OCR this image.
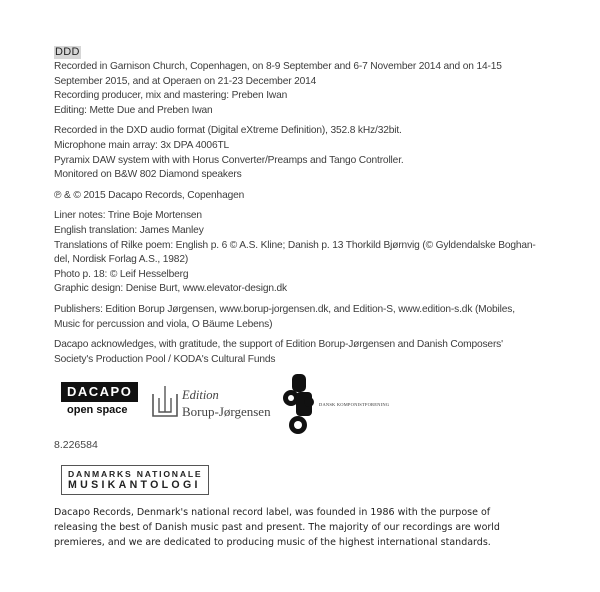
DDD

Recorded in Garnison Church, Copenhagen, on 8-9 September and 6-7 November 2014 and on 14-15

September 2015, and at Operaen on 21-23 December 2014

Recording producer, mix and mastering: Preben Iwan

Editing: Mette Due and Preben Iwan

Recorded in the DXD audio format (Digital eXtreme Definition), 352.8 kHz/32bit.

Microphone main array: 3x DPA 4006TL

Pyramix DAW system with with Horus Converter/Preamps and Tango Controller.

Monitored on B&W 802 Diamond speakers

℗ & © 2015 Dacapo Records, Copenhagen

Liner notes: Trine Boje Mortensen

English translation: James Manley

Translations of Rilke poem: English p. 6 © A.S. Kline; Danish p. 13 Thorkild Bjørnvig (© Gyldendalske Boghan-

del, Nordisk Forlag A.S., 1982)

Photo p. 18: © Leif Hesselberg

Graphic design: Denise Burt, www.elevator-design.dk

Publishers: Edition Borup Jørgensen, www.borup-jorgensen.dk, and Edition-S, www.edition-s.dk (Mobiles,

Music for percussion and viola, O Bäume Lebens)

Dacapo acknowledges, with gratitude, the support of Edition Borup-Jørgensen and Danish Composers'

Society's Production Pool / KODA's Cultural Funds

DACAPO
open space
Edition
Borup-Jørgensen	DANSK KOMPONISTFORENING
8.226584
DANMARKS NATIONALE
MUSIKANTOLOGI

Dacapo Records, Denmark's national record label, was founded in 1986 with the purpose of

releasing the best of Danish music past and present. The majority of our recordings are world

premieres, and we are dedicated to producing music of the highest international standards.
